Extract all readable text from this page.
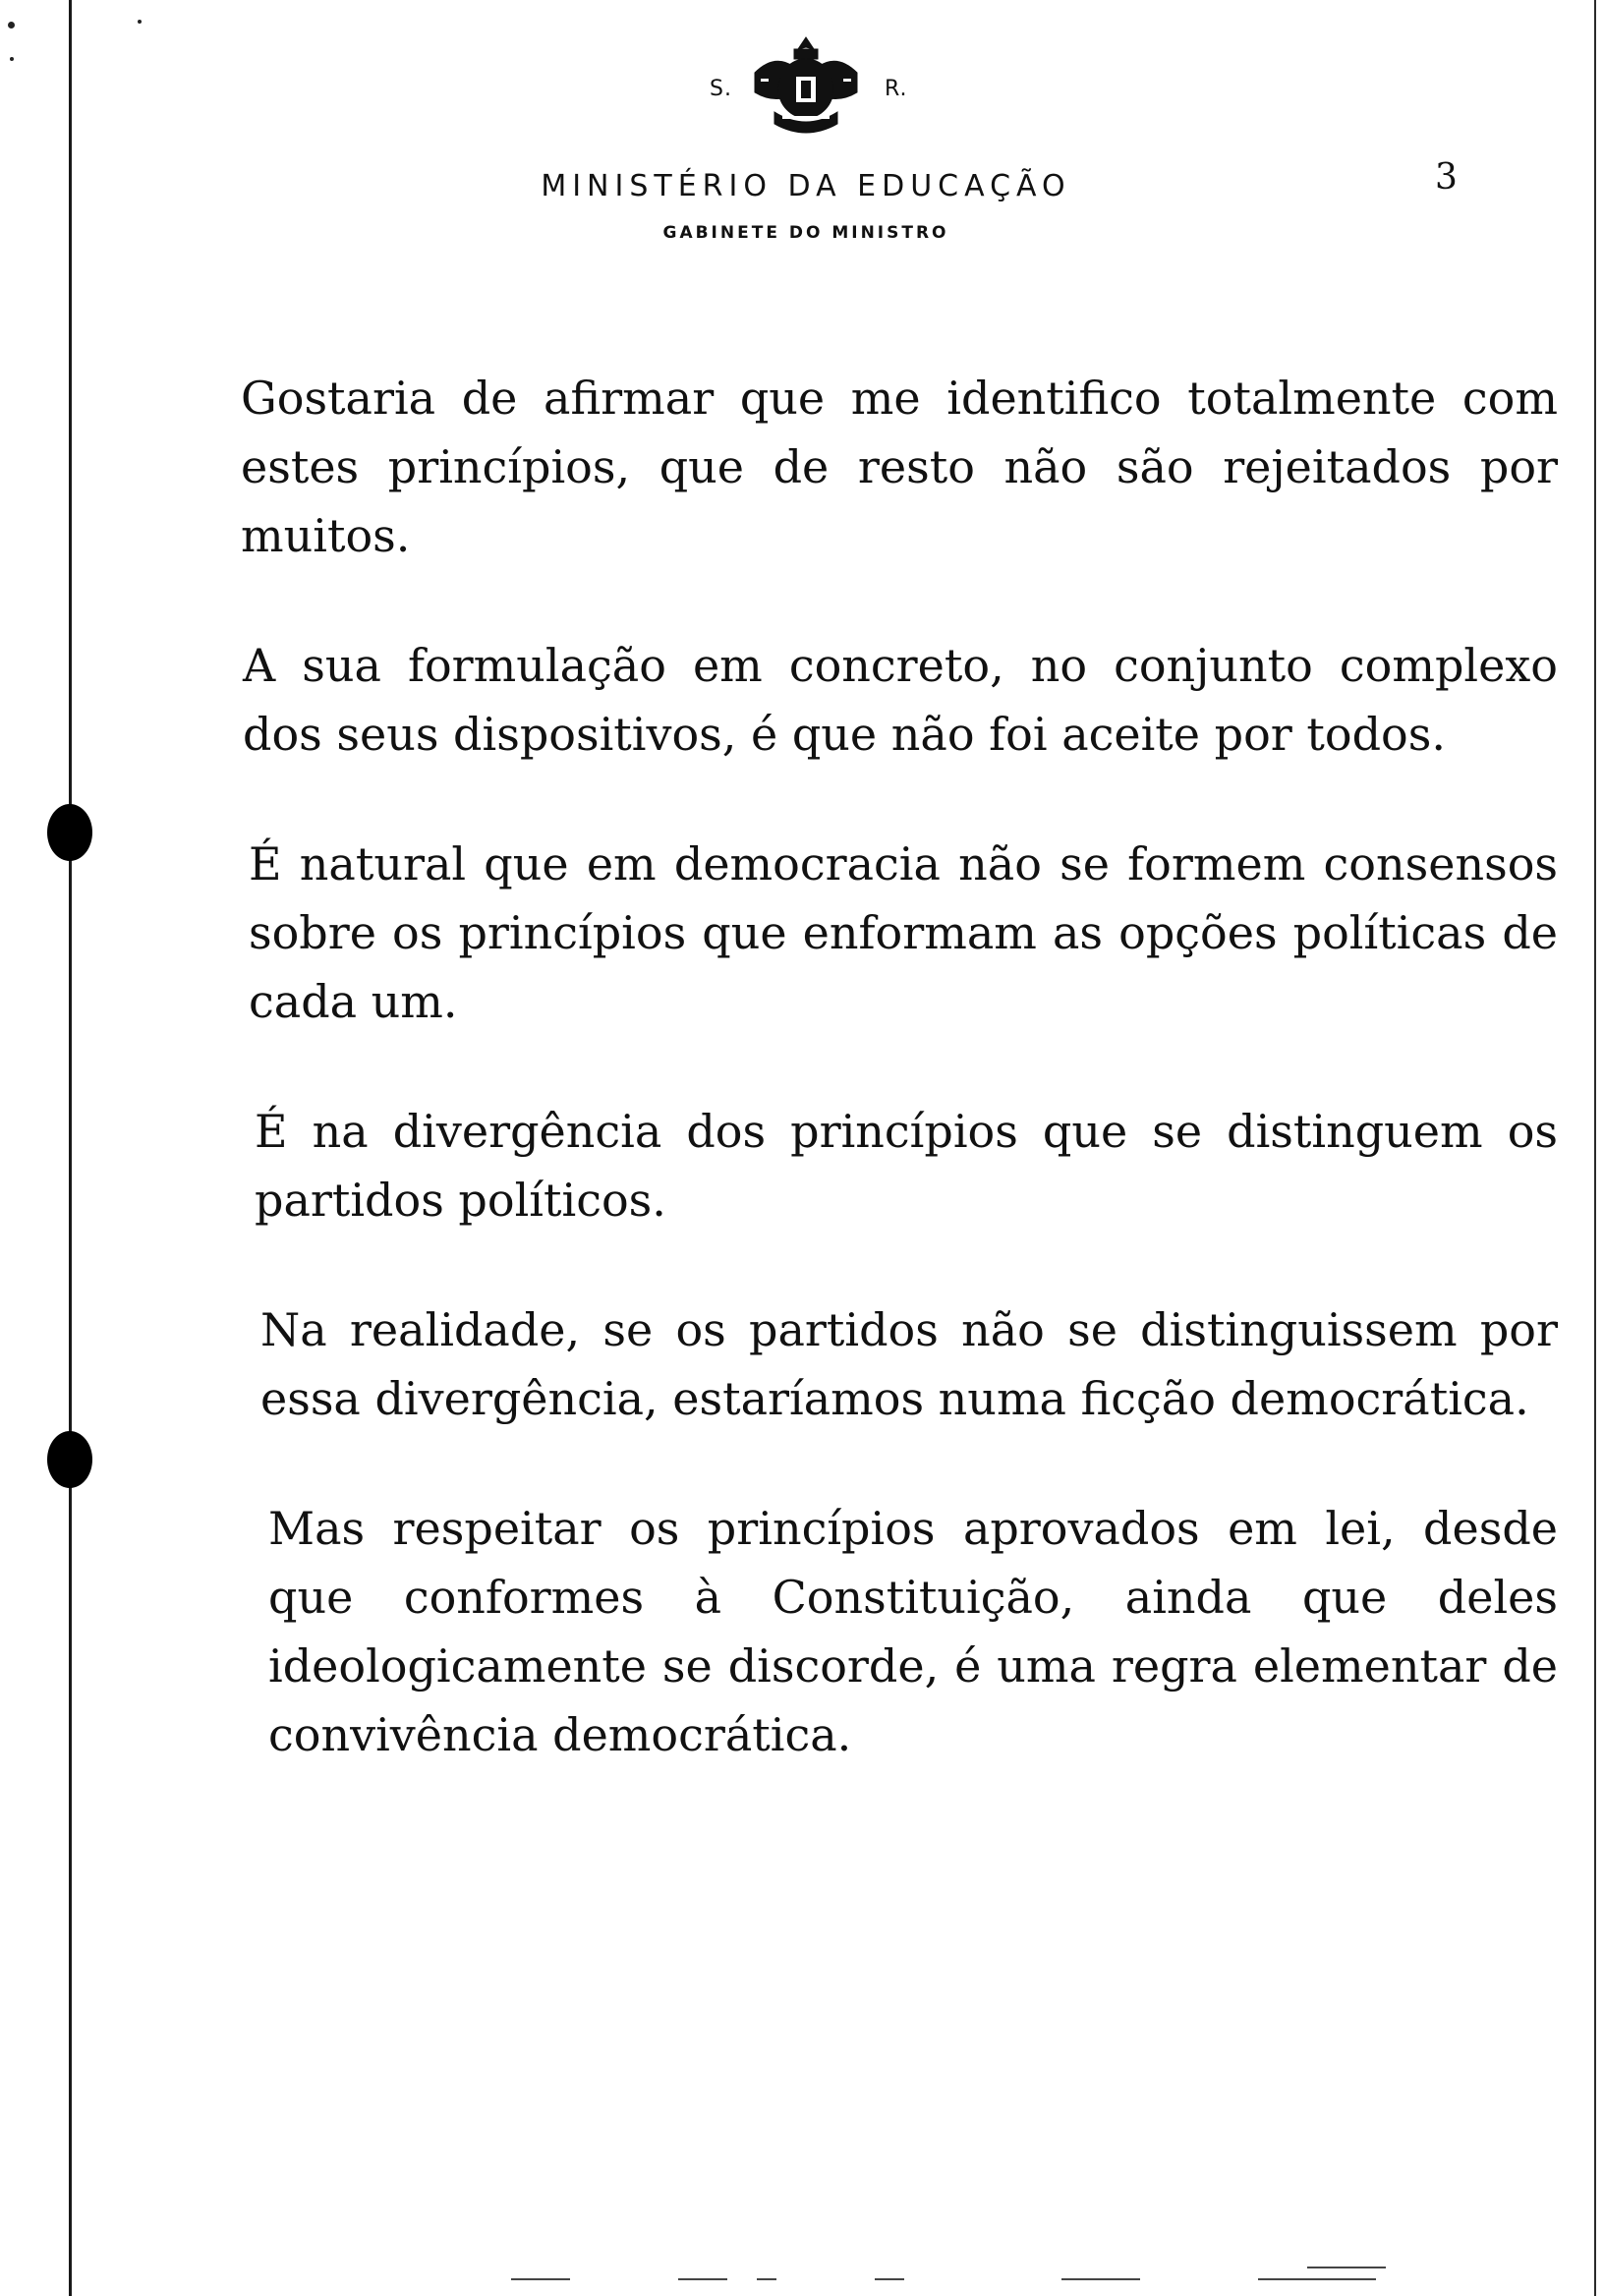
S.	R.
MINISTÉRIO DA EDUCAÇÃO
GABINETE DO MINISTRO
3

Gostaria de afirmar que me identifico totalmente com estes princípios, que de resto não são rejeitados por muitos.

A sua formulação em concreto, no conjunto complexo dos seus dispositivos, é que não foi aceite por todos.

É natural que em democracia não se formem consensos sobre os princípios que enformam as opções políticas de cada um.

É na divergência dos princípios que se distinguem os partidos políticos.

Na realidade, se os partidos não se distinguissem por essa divergência, estaríamos numa ficção democrática.

Mas respeitar os princípios aprovados em lei, desde que conformes à Constituição, ainda que deles ideologicamente se discorde, é uma regra elementar de convivência democrática.
